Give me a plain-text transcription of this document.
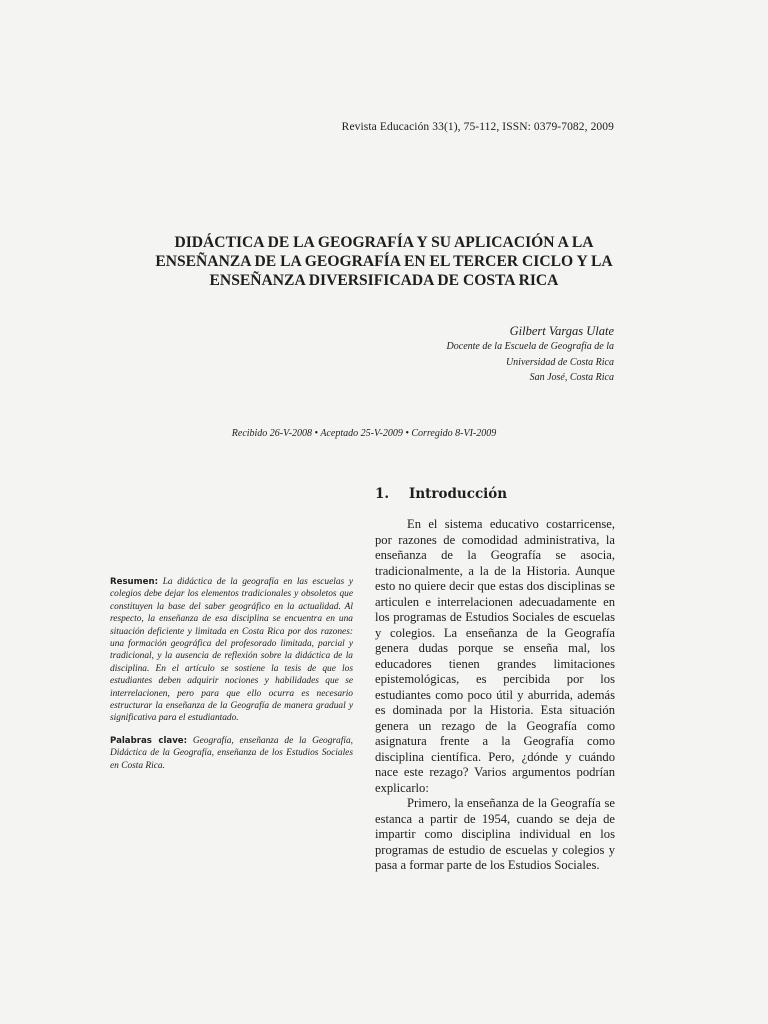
Revista Educación 33(1), 75-112, ISSN: 0379-7082, 2009
DIDÁCTICA DE LA GEOGRAFÍA Y SU APLICACIÓN A LA
ENSEÑANZA DE LA GEOGRAFÍA EN EL TERCER CICLO Y LA
ENSEÑANZA DIVERSIFICADA DE COSTA RICA
Gilbert Vargas Ulate
Docente de la Escuela de Geografía de la
Universidad de Costa Rica
San José, Costa Rica
Recibido 26-V-2008 • Aceptado 25-V-2009 • Corregido 8-VI-2009

Resumen: La didáctica de la geografía en las escuelas y colegios debe dejar los elementos tradicionales y obsoletos que constituyen la base del saber geográfico en la actualidad. Al respecto, la enseñanza de esa disciplina se encuentra en una situación deficiente y limitada en Costa Rica por dos razones: una formación geográfica del profesorado limitada, parcial y tradicional, y la ausencia de reflexión sobre la didáctica de la disciplina. En el artículo se sostiene la tesis de que los estudiantes deben adquirir nociones y habilidades que se interrelacionen, pero para que ello ocurra es necesario estructurar la enseñanza de la Geografía de manera gradual y significativa para el estudiantado.

Palabras clave: Geografía, enseñanza de la Geografía, Didáctica de la Geografía, enseñanza de los Estudios Sociales en Costa Rica.

1. Introducción

En el sistema educativo costarricense, por razones de comodidad administrativa, la enseñanza de la Geografía se asocia, tradicionalmente, a la de la Historia. Aunque esto no quiere decir que estas dos disciplinas se articulen e interrelacionen adecuadamente en los programas de Estudios Sociales de escuelas y colegios. La enseñanza de la Geografía genera dudas porque se enseña mal, los educadores tienen grandes limitaciones epistemológicas, es percibida por los estudiantes como poco útil y aburrida, además es dominada por la Historia. Esta situación genera un rezago de la Geografía como asignatura frente a la Geografía como disciplina científica. Pero, ¿dónde y cuándo nace este rezago? Varios argumentos podrían explicarlo:

Primero, la enseñanza de la Geografía se estanca a partir de 1954, cuando se deja de impartir como disciplina individual en los programas de estudio de escuelas y colegios y pasa a formar parte de los Estudios Sociales.
